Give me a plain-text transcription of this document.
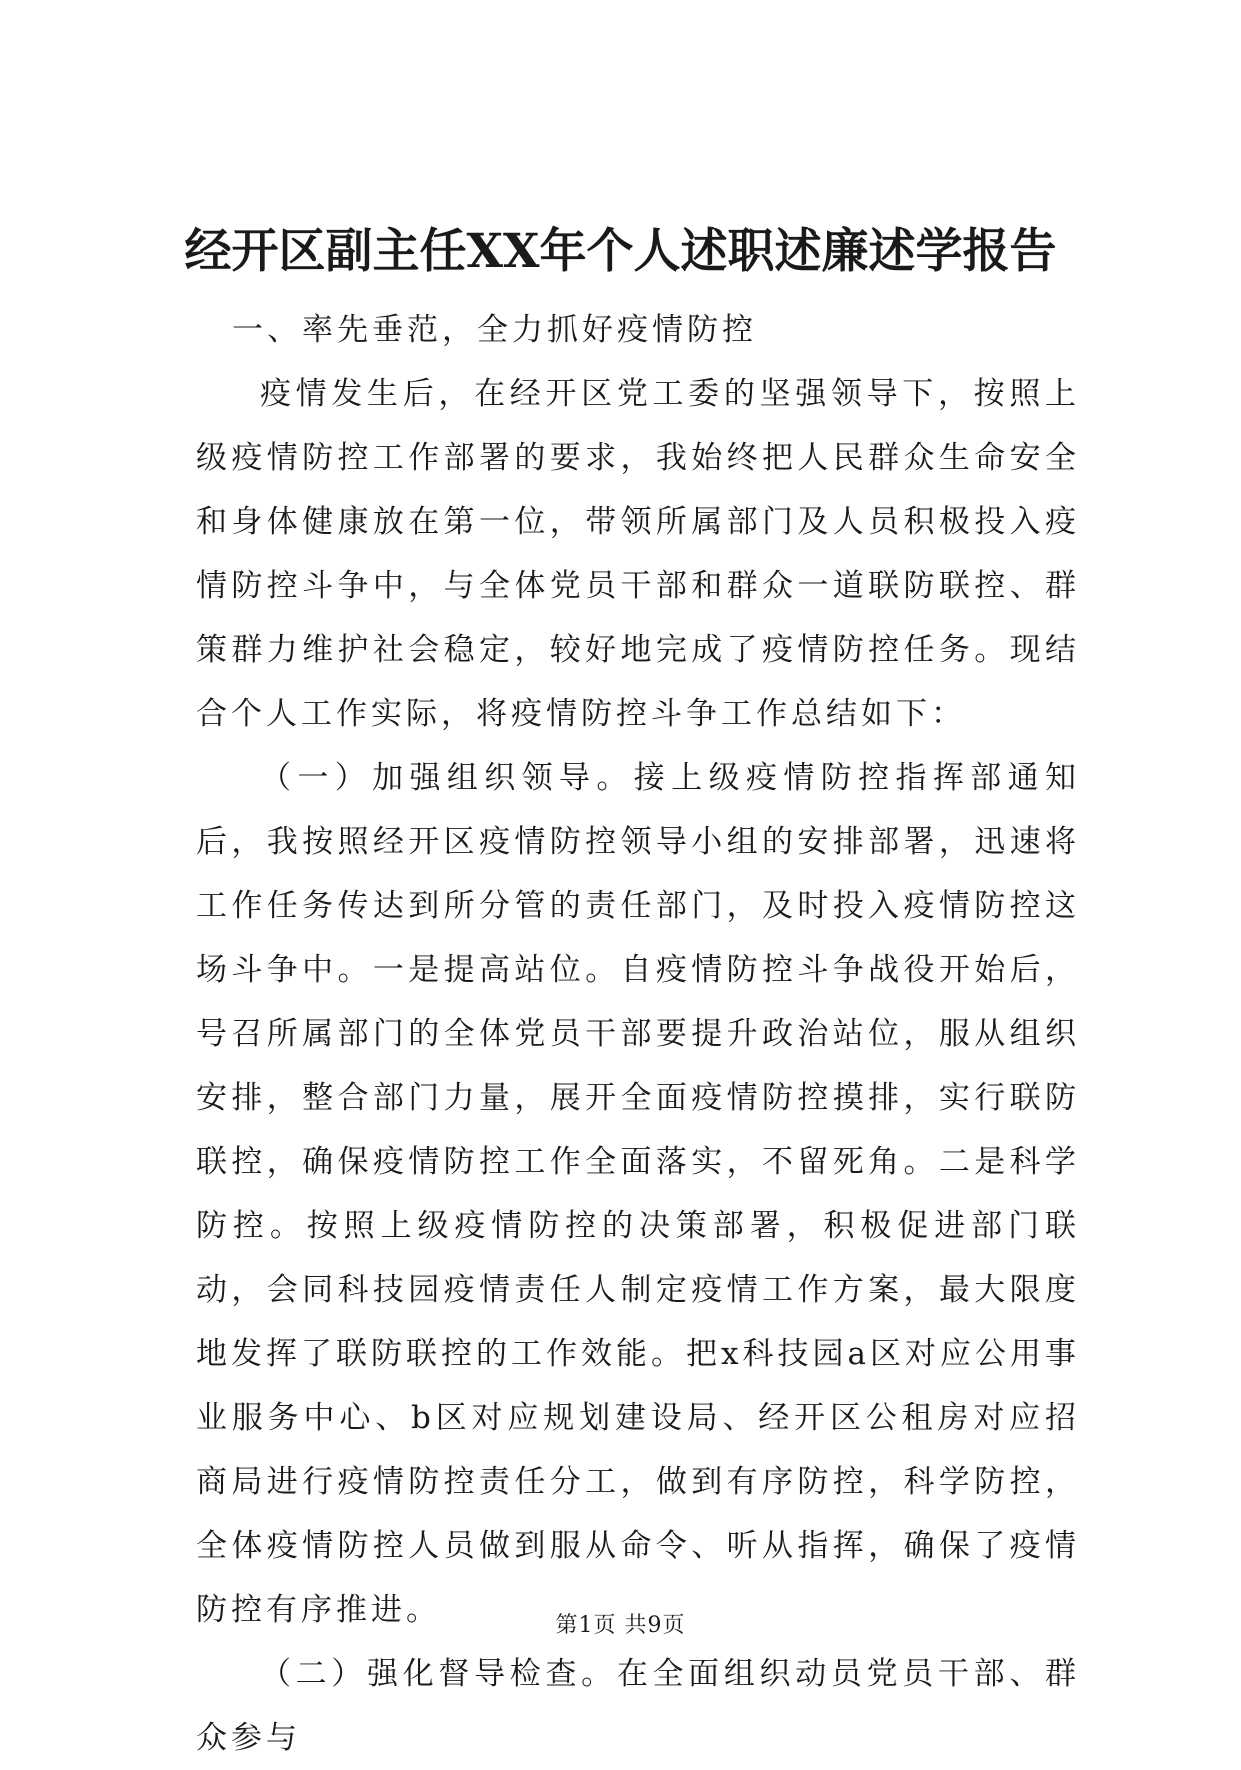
经开区副主任XX年个人述职述廉述学报告

一、率先垂范，全力抓好疫情防控

疫情发生后，在经开区党工委的坚强领导下，按照上级疫情防控工作部署的要求，我始终把人民群众生命安全和身体健康放在第一位，带领所属部门及人员积极投入疫情防控斗争中，与全体党员干部和群众一道联防联控、群策群力维护社会稳定，较好地完成了疫情防控任务。现结合个人工作实际，将疫情防控斗争工作总结如下：

（一）加强组织领导。接上级疫情防控指挥部通知后，我按照经开区疫情防控领导小组的安排部署，迅速将工作任务传达到所分管的责任部门，及时投入疫情防控这场斗争中。一是提高站位。自疫情防控斗争战役开始后，号召所属部门的全体党员干部要提升政治站位，服从组织安排，整合部门力量，展开全面疫情防控摸排，实行联防联控，确保疫情防控工作全面落实，不留死角。二是科学防控。按照上级疫情防控的决策部署，积极促进部门联动，会同科技园疫情责任人制定疫情工作方案，最大限度地发挥了联防联控的工作效能。把x科技园a区对应公用事业服务中心、b区对应规划建设局、经开区公租房对应招商局进行疫情防控责任分工，做到有序防控，科学防控，全体疫情防控人员做到服从命令、听从指挥，确保了疫情防控有序推进。

（二）强化督导检查。在全面组织动员党员干部、群众参与

第1页 共9页
